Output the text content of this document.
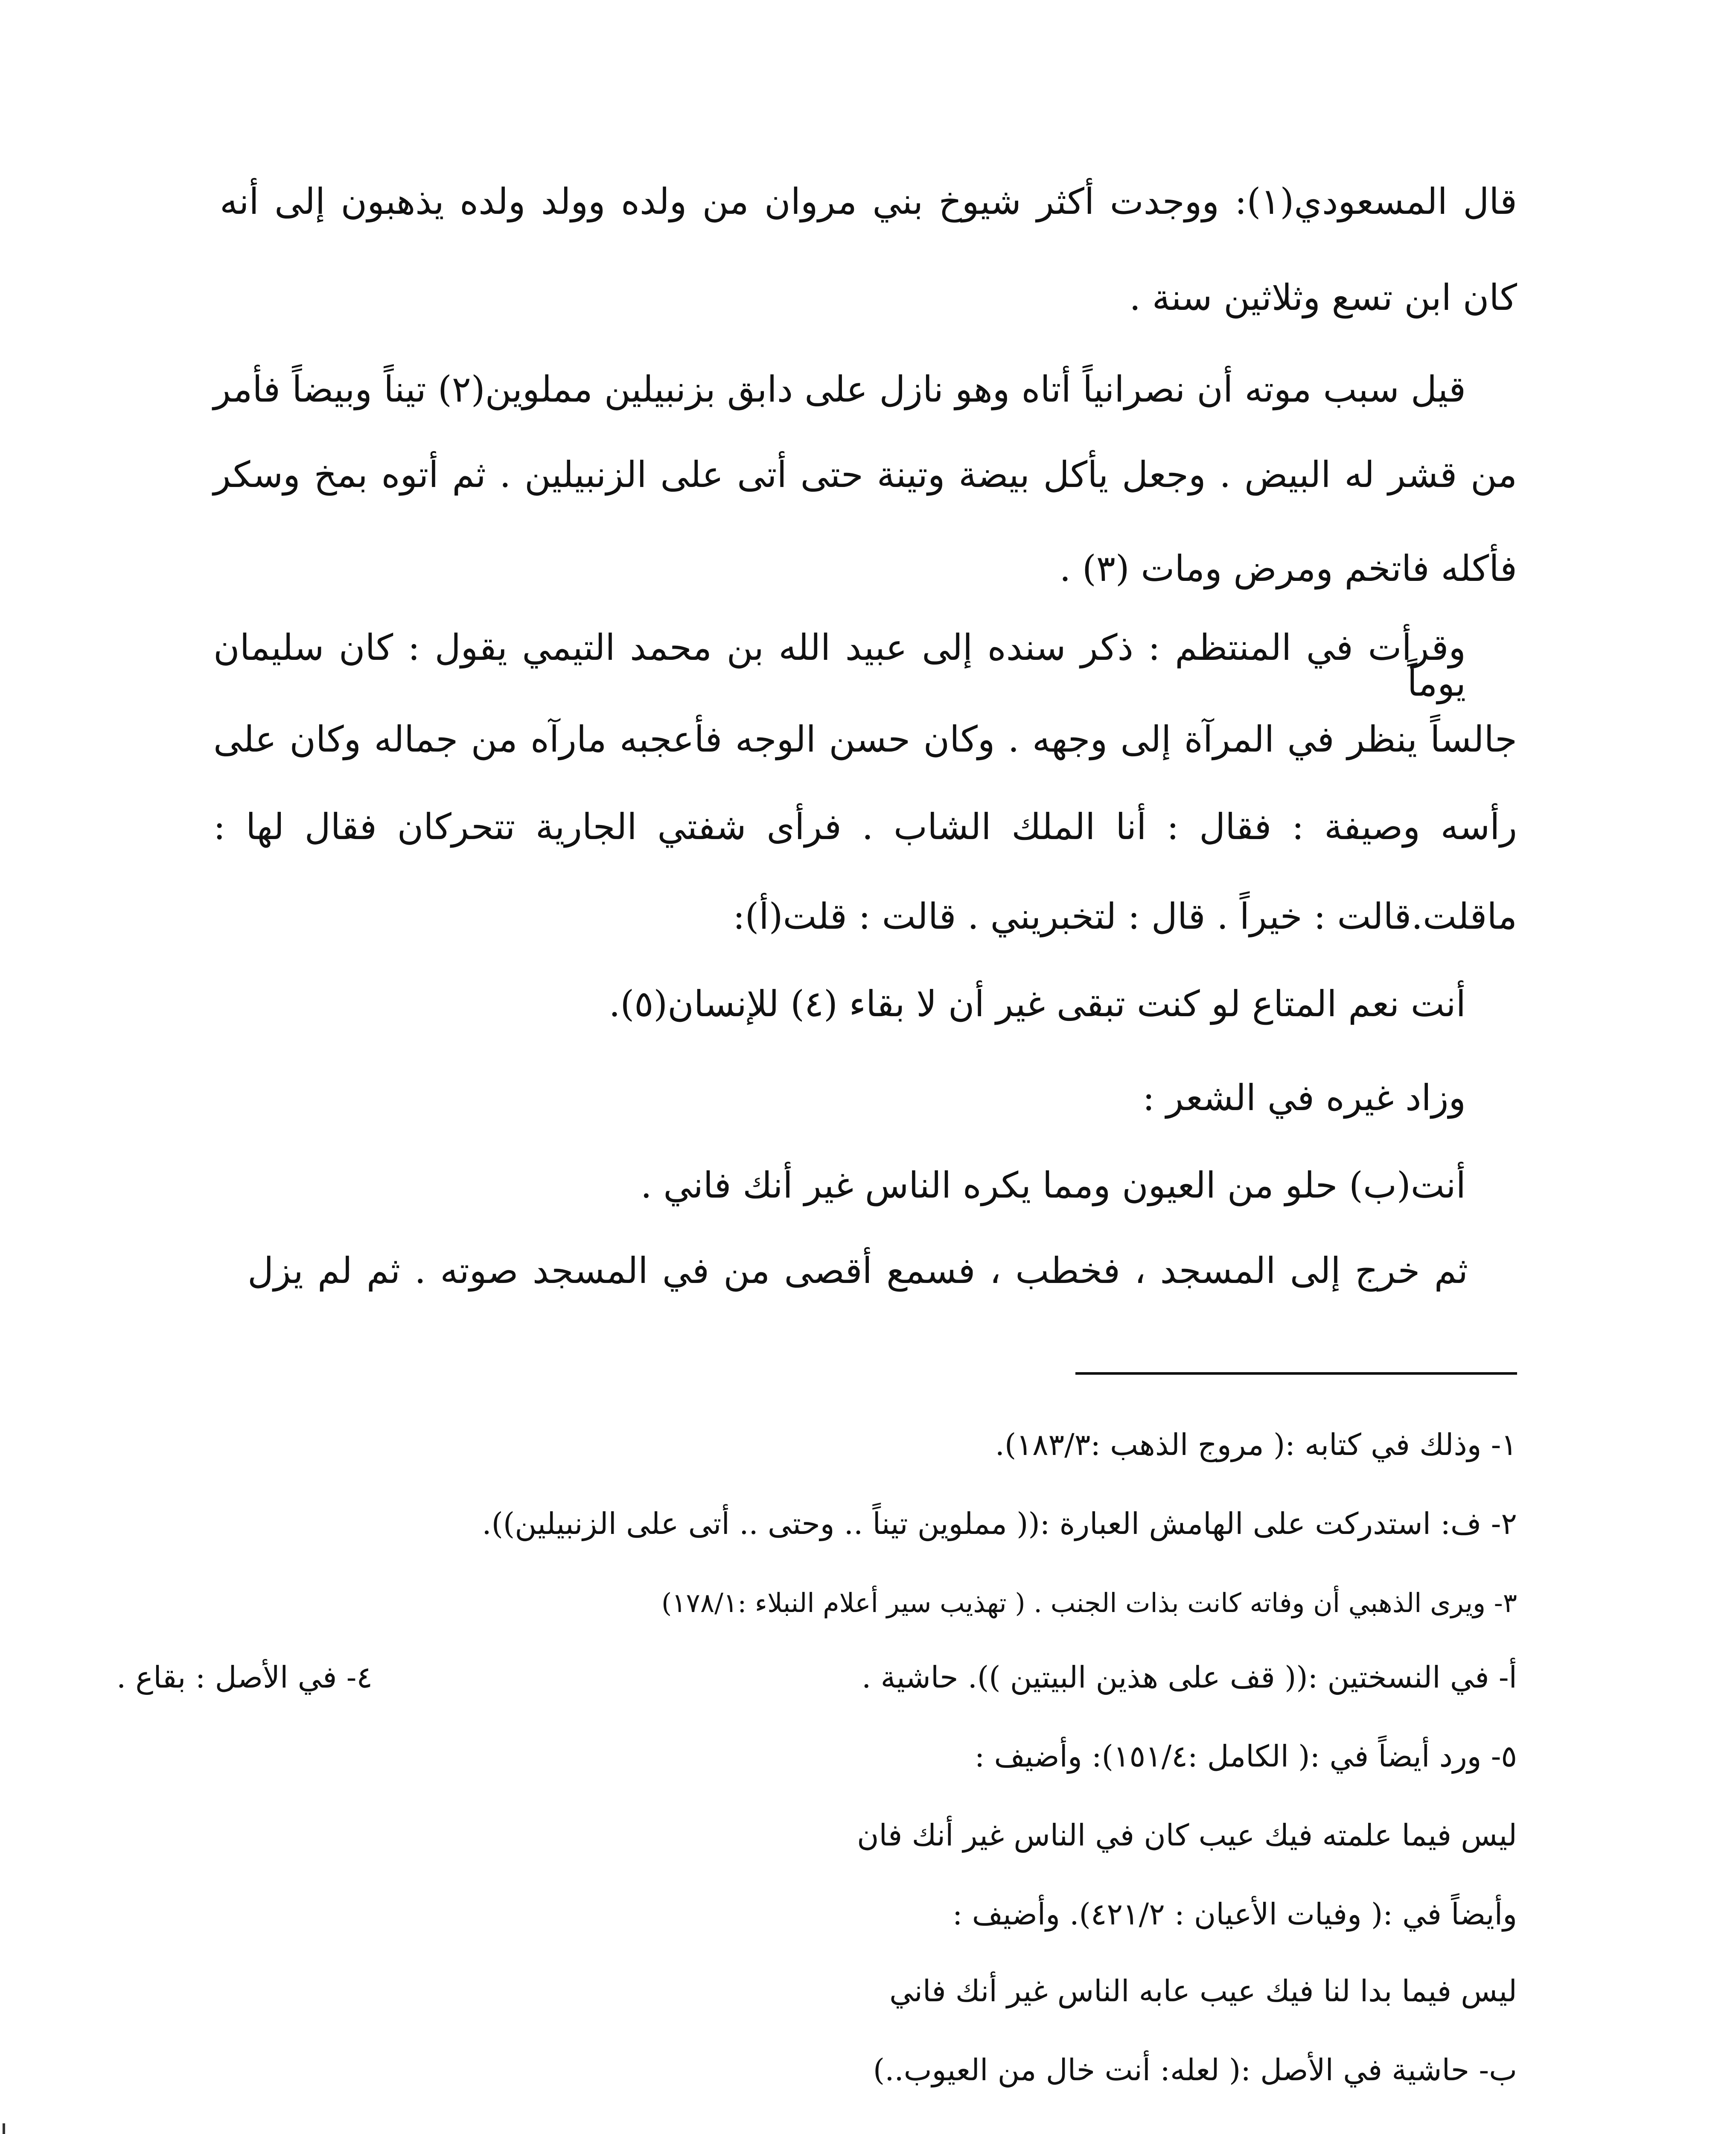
قال المسعودي(١): ووجدت أكثر شيوخ بني مروان من ولده وولد ولده يذهبون إلى أنه
كان ابن تسع وثلاثين سنة .
قيل سبب موته أن نصرانياً أتاه وهو نازل على دابق بزنبيلين مملوين(٢) تيناً وبيضاً فأمر
من قشر له البيض . وجعل يأكل بيضة وتينة حتى أتى على الزنبيلين . ثم أتوه بمخ وسكر
فأكله فاتخم ومرض ومات (٣) .
وقرأت في المنتظم : ذكر سنده إلى عبيد الله بن محمد التيمي يقول : كان سليمان يوماً
جالساً ينظر في المرآة إلى وجهه . وكان حسن الوجه فأعجبه مارآه من جماله وكان على
رأسه وصيفة : فقال : أنا الملك الشاب . فرأى شفتي الجارية تتحركان فقال لها :
ماقلت.قالت : خيراً . قال : لتخبريني . قالت : قلت(أ):
أنت نعم المتاع لو كنت تبقى غير أن لا بقاء (٤) للإنسان(٥).
وزاد غيره في الشعر :
أنت(ب) حلو من العيون ومما يكره الناس غير أنك فاني .
ثم خرج إلى المسجد ، فخطب ، فسمع أقصى من في المسجد صوته . ثم لم يزل
١- وذلك في كتابه :( مروج الذهب :١٨٣/٣).
٢- ف: استدركت على الهامش العبارة :(( مملوين تيناً .. وحتى .. أتى على الزنبيلين)).
٣- ويرى الذهبي أن وفاته كانت بذات الجنب . ( تهذيب سير أعلام النبلاء :١٧٨/١)
أ- في النسختين :(( قف على هذين البيتين )). حاشية .
٤- في الأصل : بقاع .
٥- ورد أيضاً في :( الكامل :١٥١/٤): وأضيف :
ليس فيما علمته فيك عيب كان في الناس غير أنك فان
وأيضاً في :( وفيات الأعيان : ٤٢١/٢). وأضيف :
ليس فيما بدا لنا فيك عيب عابه الناس غير أنك فاني
ب- حاشية في الأصل :( لعله: أنت خال من العيوب..)
